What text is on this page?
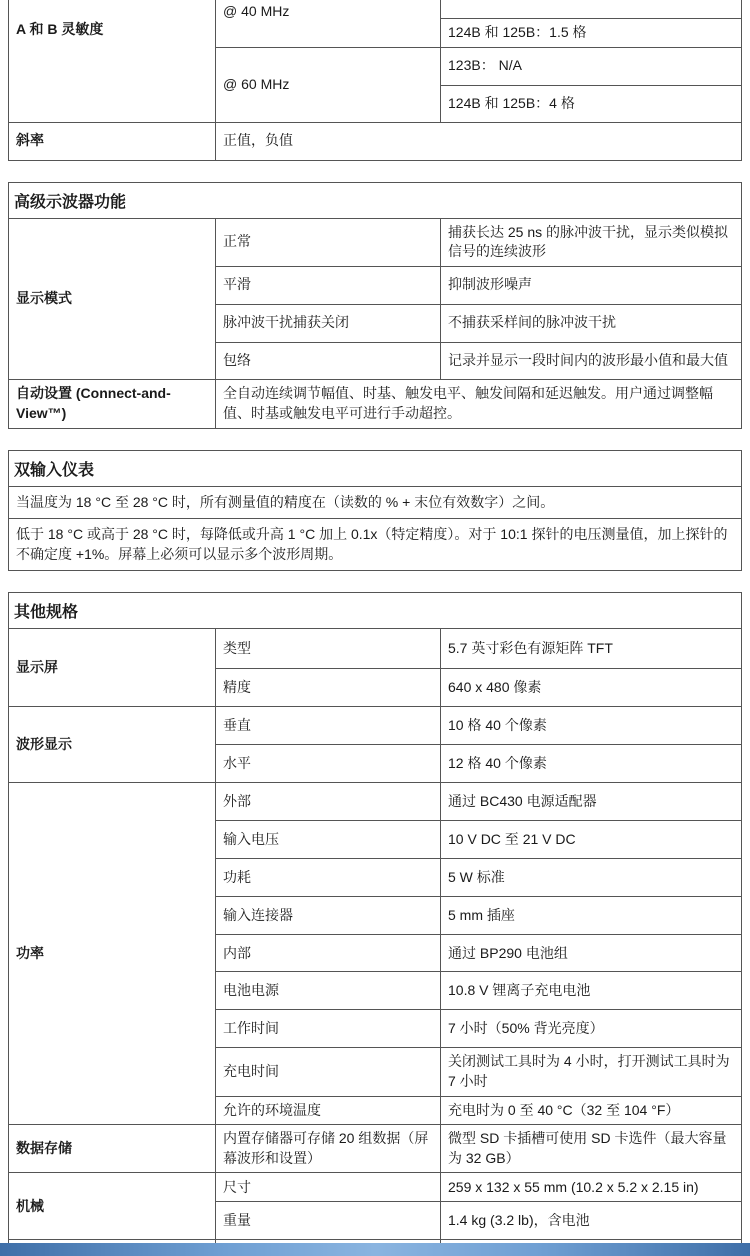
A 和 B 灵敏度	@ 40 MHz	
		124B 和 125B：1.5 格
	@ 60 MHz	123B： N/A
		124B 和 125B：4 格
斜率	正值，负值	
高级示波器功能
显示模式	正常	捕获长达 25 ns 的脉冲波干扰，显示类似模拟信号的连续波形
	平滑	抑制波形噪声
	脉冲波干扰捕获关闭	不捕获采样间的脉冲波干扰
	包络	记录并显示一段时间内的波形最小值和最大值
自动设置 (Connect-and-View™)	全自动连续调节幅值、时基、触发电平、触发间隔和延迟触发。用户通过调整幅值、时基或触发电平可进行手动超控。	
双输入仪表
当温度为 18 °C 至 28 °C 时，所有测量值的精度在（读数的 % + 末位有效数字）之间。
低于 18 °C 或高于 28 °C 时，每降低或升高 1 °C 加上 0.1x（特定精度）。对于 10:1 探针的电压测量值，加上探针的不确定度 +1%。屏幕上必须可以显示多个波形周期。
其他规格
显示屏	类型	5.7 英寸彩色有源矩阵 TFT
	精度	640 x 480 像素
波形显示	垂直	10 格 40 个像素
	水平	12 格 40 个像素
功率	外部	通过 BC430 电源适配器
	输入电压	10 V DC 至 21 V DC
	功耗	5 W 标准
	输入连接器	5 mm 插座
	内部	通过 BP290 电池组
	电池电源	10.8 V 锂离子充电电池
	工作时间	7 小时（50% 背光亮度）
	充电时间	关闭测试工具时为 4 小时，打开测试工具时为 7 小时
	允许的环境温度	充电时为 0 至 40 °C（32 至 104 °F）
数据存储	内置存储器可存储 20 组数据（屏幕波形和设置）	微型 SD 卡插槽可使用 SD 卡选件（最大容量为 32 GB）
机械	尺寸	259 x 132 x 55 mm (10.2 x 5.2 x 2.15 in)
	重量	1.4 kg (3.2 lb)，含电池
